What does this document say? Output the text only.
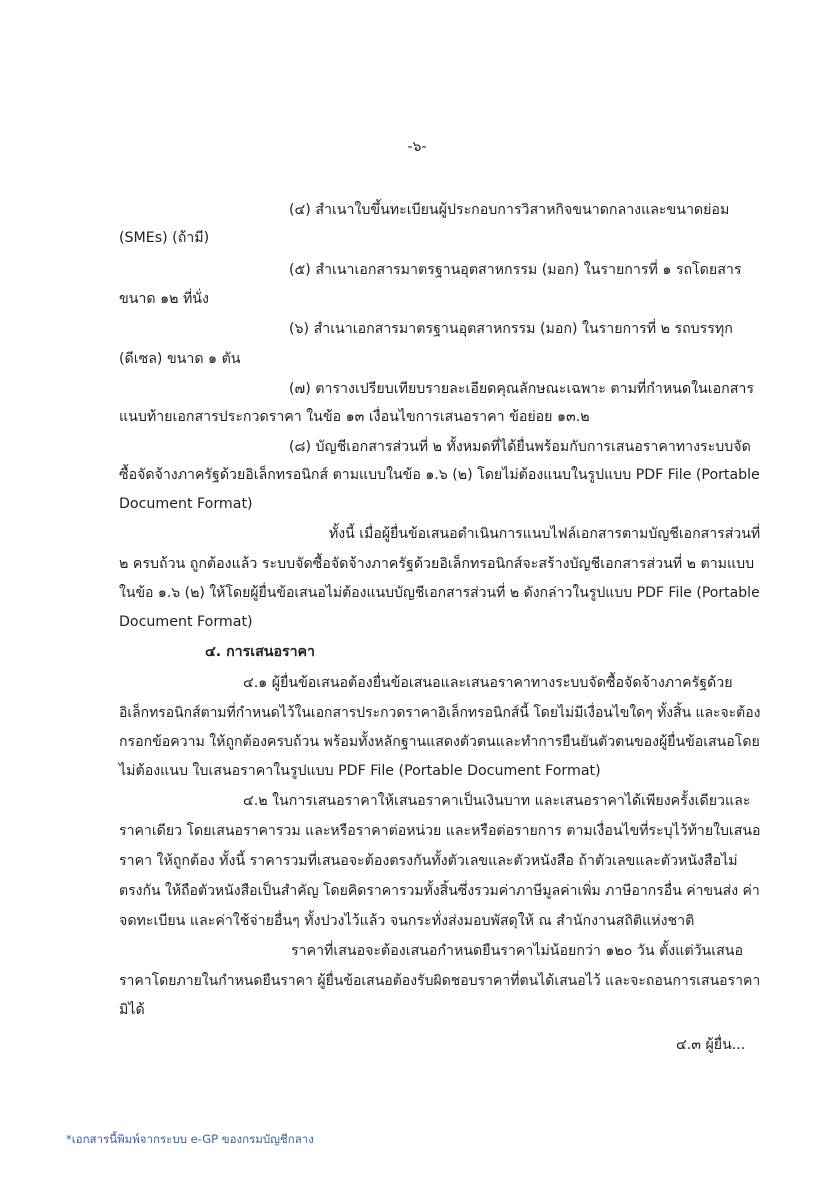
-๖-
(๔) สำเนาใบขึ้นทะเบียนผู้ประกอบการวิสาหกิจขนาดกลางและขนาดย่อม
(SMEs) (ถ้ามี)
(๕) สำเนาเอกสารมาตรฐานอุตสาหกรรม (มอก) ในรายการที่ ๑ รถโดยสาร
ขนาด ๑๒ ที่นั่ง
(๖) สำเนาเอกสารมาตรฐานอุตสาหกรรม (มอก) ในรายการที่ ๒ รถบรรทุก
(ดีเซล) ขนาด ๑ ตัน
(๗) ตารางเปรียบเทียบรายละเอียดคุณลักษณะเฉพาะ ตามที่กำหนดในเอกสาร
แนบท้ายเอกสารประกวดราคา ในข้อ ๑๓ เงื่อนไขการเสนอราคา ข้อย่อย ๑๓.๒
(๘) บัญชีเอกสารส่วนที่ ๒ ทั้งหมดที่ได้ยื่นพร้อมกับการเสนอราคาทางระบบจัด
ซื้อจัดจ้างภาครัฐด้วยอิเล็กทรอนิกส์ ตามแบบในข้อ ๑.๖ (๒) โดยไม่ต้องแนบในรูปแบบ PDF File (Portable
Document Format)
ทั้งนี้ เมื่อผู้ยื่นข้อเสนอดำเนินการแนบไฟล์เอกสารตามบัญชีเอกสารส่วนที่
๒ ครบถ้วน ถูกต้องแล้ว ระบบจัดซื้อจัดจ้างภาครัฐด้วยอิเล็กทรอนิกส์จะสร้างบัญชีเอกสารส่วนที่ ๒ ตามแบบ
ในข้อ ๑.๖ (๒) ให้โดยผู้ยื่นข้อเสนอไม่ต้องแนบบัญชีเอกสารส่วนที่ ๒ ดังกล่าวในรูปแบบ PDF File (Portable
Document Format)
๔. การเสนอราคา
๔.๑ ผู้ยื่นข้อเสนอต้องยื่นข้อเสนอและเสนอราคาทางระบบจัดซื้อจัดจ้างภาครัฐด้วย
อิเล็กทรอนิกส์ตามที่กำหนดไว้ในเอกสารประกวดราคาอิเล็กทรอนิกส์นี้ โดยไม่มีเงื่อนไขใดๆ ทั้งสิ้น และจะต้อง
กรอกข้อความ ให้ถูกต้องครบถ้วน พร้อมทั้งหลักฐานแสดงตัวตนและทำการยืนยันตัวตนของผู้ยื่นข้อเสนอโดย
ไม่ต้องแนบ ใบเสนอราคาในรูปแบบ PDF File (Portable Document Format)
๔.๒ ในการเสนอราคาให้เสนอราคาเป็นเงินบาท และเสนอราคาได้เพียงครั้งเดียวและ
ราคาเดียว โดยเสนอราคารวม และหรือราคาต่อหน่วย และหรือต่อรายการ ตามเงื่อนไขที่ระบุไว้ท้ายใบเสนอ
ราคา ให้ถูกต้อง ทั้งนี้ ราคารวมที่เสนอจะต้องตรงกันทั้งตัวเลขและตัวหนังสือ ถ้าตัวเลขและตัวหนังสือไม่
ตรงกัน ให้ถือตัวหนังสือเป็นสำคัญ โดยคิดราคารวมทั้งสิ้นซึ่งรวมค่าภาษีมูลค่าเพิ่ม ภาษีอากรอื่น ค่าขนส่ง ค่า
จดทะเบียน และค่าใช้จ่ายอื่นๆ ทั้งปวงไว้แล้ว จนกระทั่งส่งมอบพัสดุให้ ณ สำนักงานสถิติแห่งชาติ
ราคาที่เสนอจะต้องเสนอกำหนดยืนราคาไม่น้อยกว่า ๑๒๐ วัน ตั้งแต่วันเสนอ
ราคาโดยภายในกำหนดยืนราคา ผู้ยื่นข้อเสนอต้องรับผิดชอบราคาที่ตนได้เสนอไว้ และจะถอนการเสนอราคา
มิได้
๔.๓ ผู้ยื่น...
*เอกสารนี้พิมพ์จากระบบ e-GP ของกรมบัญชีกลาง
